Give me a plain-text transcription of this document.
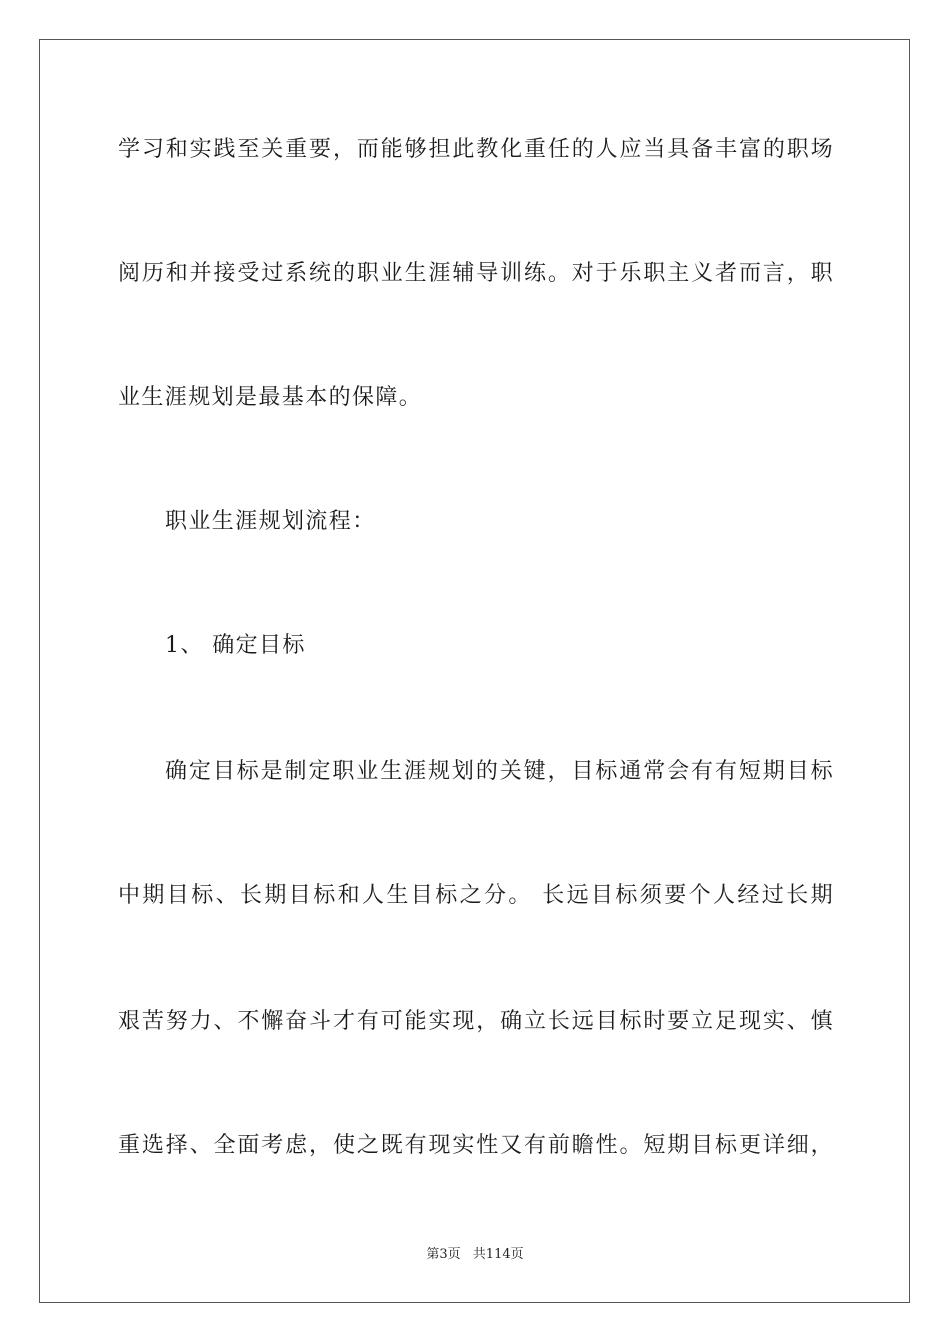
学习和实践至关重要，而能够担此教化重任的人应当具备丰富的职场
阅历和并接受过系统的职业生涯辅导训练。对于乐职主义者而言，职
业生涯规划是最基本的保障。
职业生涯规划流程：
1、 确定目标
确定目标是制定职业生涯规划的关键，目标通常会有有短期目标
中期目标、长期目标和人生目标之分。 长远目标须要个人经过长期
艰苦努力、不懈奋斗才有可能实现，确立长远目标时要立足现实、慎
重选择、全面考虑，使之既有现实性又有前瞻性。短期目标更详细，
第3页 共114页
